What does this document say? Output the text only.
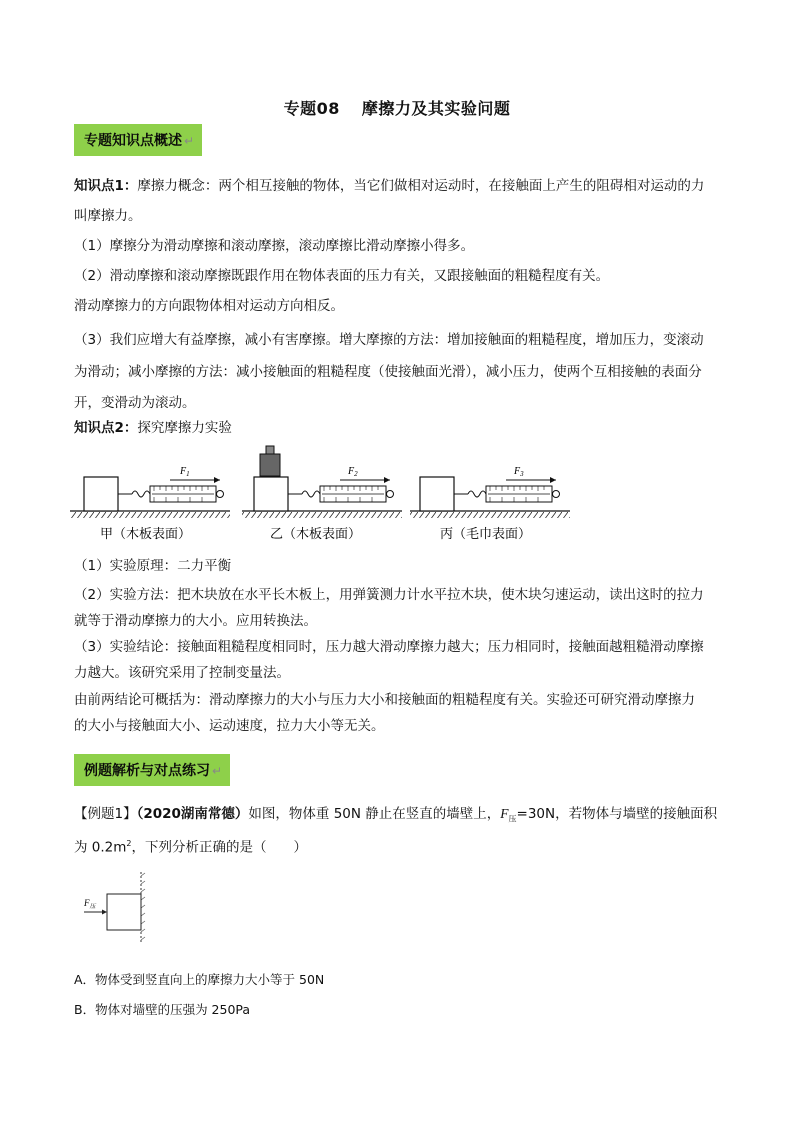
专题08 摩擦力及其实验问题
专题知识点概述 ↵
知识点1：摩擦力概念：两个相互接触的物体，当它们做相对运动时，在接触面上产生的阻碍相对运动的力
叫摩擦力。
（1）摩擦分为滑动摩擦和滚动摩擦，滚动摩擦比滑动摩擦小得多。
（2）滑动摩擦和滚动摩擦既跟作用在物体表面的压力有关，又跟接触面的粗糙程度有关。
滑动摩擦力的方向跟物体相对运动方向相反。
（3）我们应增大有益摩擦，减小有害摩擦。增大摩擦的方法：增加接触面的粗糙程度，增加压力，变滚动
为滑动；减小摩擦的方法：减小接触面的粗糙程度（使接触面光滑），减小压力，使两个互相接触的表面分
开，变滑动为滚动。
知识点2：探究摩擦力实验
$F_1$
甲（木板表面）
$F_2$
乙（木板表面）
$F_3$
丙（毛巾表面）
（1）实验原理：二力平衡
（2）实验方法：把木块放在水平长木板上，用弹簧测力计水平拉木块，使木块匀速运动，读出这时的拉力
就等于滑动摩擦力的大小。应用转换法。
（3）实验结论：接触面粗糙程度相同时，压力越大滑动摩擦力越大；压力相同时，接触面越粗糙滑动摩擦
力越大。该研究采用了控制变量法。
由前两结论可概括为：滑动摩擦力的大小与压力大小和接触面的粗糙程度有关。实验还可研究滑动摩擦力
的大小与接触面大小、运动速度，拉力大小等无关。
例题解析与对点练习 ↵
【例题1】（2020湖南常德）如图，物体重 50N 静止在竖直的墙壁上，$F_压=30N$，若物体与墙壁的接触面积
为 $0.2m^2$，下列分析正确的是（　　）
$F_压$
A．物体受到竖直向上的摩擦力大小等于 50N
B．物体对墙壁的压强为 250Pa
